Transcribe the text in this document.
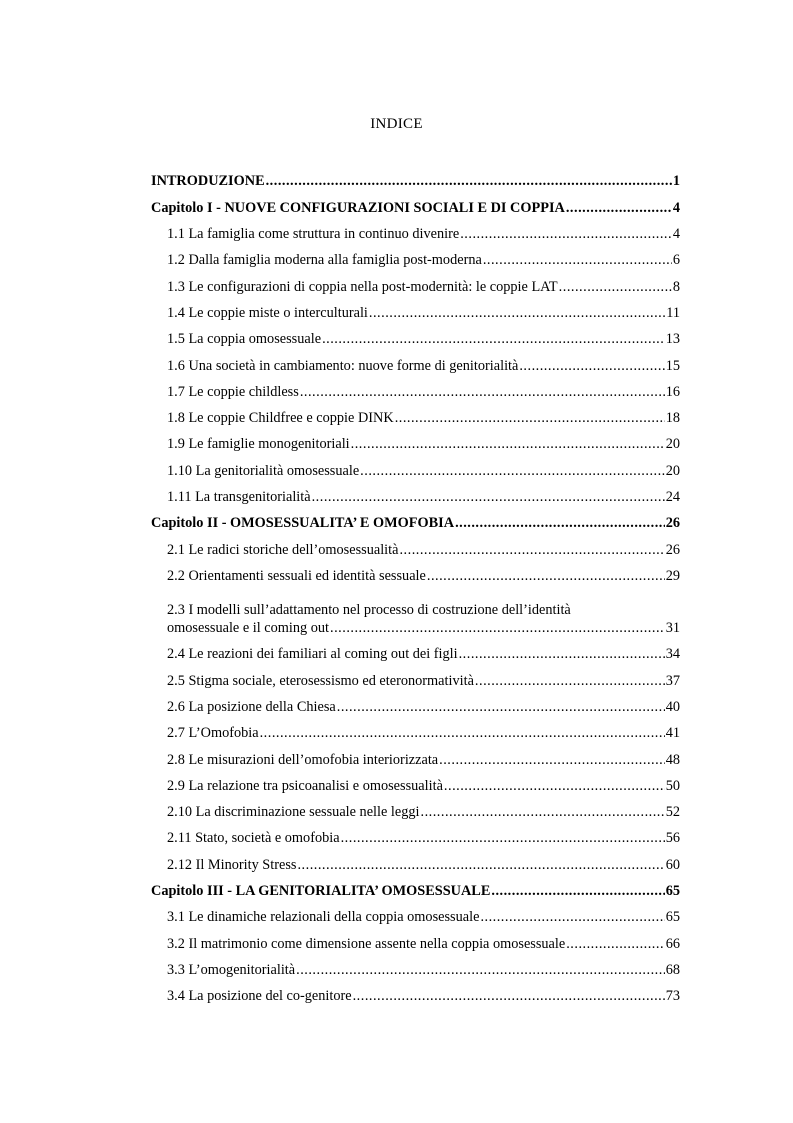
INDICE
INTRODUZIONE .....	1
Capitolo I - NUOVE CONFIGURAZIONI SOCIALI E DI COPPIA .....	4
1.1 La famiglia come struttura in continuo divenire .....	4
1.2 Dalla famiglia moderna alla famiglia post-moderna .....	6
1.3 Le configurazioni di coppia nella post-modernità: le coppie LAT .....	8
1.4 Le coppie miste o interculturali .....	11
1.5 La coppia omosessuale .....	13
1.6 Una società in cambiamento: nuove forme di genitorialità .....	15
1.7 Le coppie childless .....	16
1.8 Le coppie Childfree e coppie DINK .....	18
1.9 Le famiglie monogenitoriali .....	20
1.10 La genitorialità omosessuale .....	20
1.11 La transgenitorialità .....	24
Capitolo II - OMOSESSUALITA’ E OMOFOBIA .....	26
2.1 Le radici storiche dell’omosessualità .....	26
2.2 Orientamenti sessuali ed identità sessuale .....	29
2.3 I modelli sull’adattamento nel processo di costruzione dell’identità
omosessuale e il coming out .....	31
2.4 Le reazioni dei familiari al coming out dei figli .....	34
2.5 Stigma sociale, eterosessismo ed eteronormatività .....	37
2.6 La posizione della Chiesa .....	40
2.7 L’Omofobia .....	41
2.8 Le misurazioni dell’omofobia interiorizzata .....	48
2.9 La relazione tra psicoanalisi e omosessualità .....	50
2.10 La discriminazione sessuale nelle leggi .....	52
2.11 Stato, società e omofobia .....	56
2.12 Il Minority Stress .....	60
Capitolo III - LA GENITORIALITA’ OMOSESSUALE .....	65
3.1 Le dinamiche relazionali della coppia omosessuale .....	65
3.2 Il matrimonio come dimensione assente nella coppia omosessuale .....	66
3.3 L’omogenitorialità .....	68
3.4 La posizione del co-genitore .....	73
